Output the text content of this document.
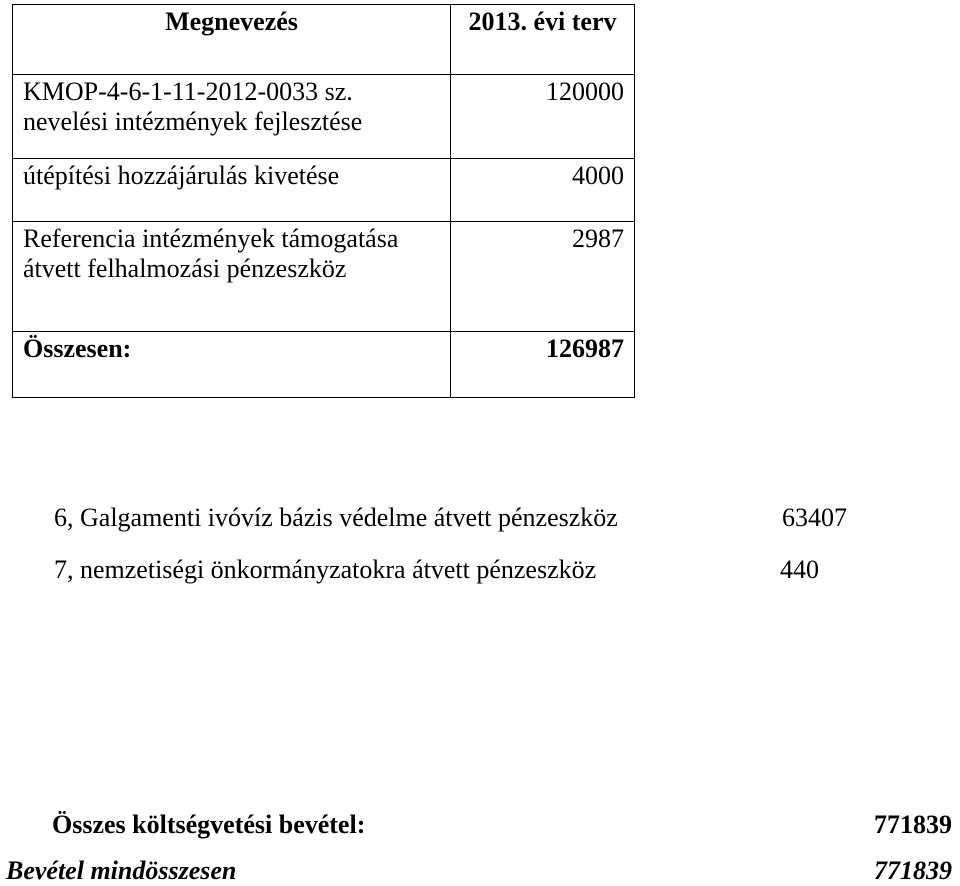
Megnevezés	2013. évi terv
KMOP-4-6-1-11-2012-0033 sz. nevelési intézmények fejlesztése	120000
útépítési hozzájárulás kivetése	4000
Referencia intézmények támogatása átvett felhalmozási pénzeszköz	2987
Összesen:	126987
6, Galgamenti ivóvíz bázis védelme átvett pénzeszköz	63407
7, nemzetiségi önkormányzatokra átvett pénzeszköz	440
Összes költségvetési bevétel:	771839
Bevétel mindösszesen	771839
